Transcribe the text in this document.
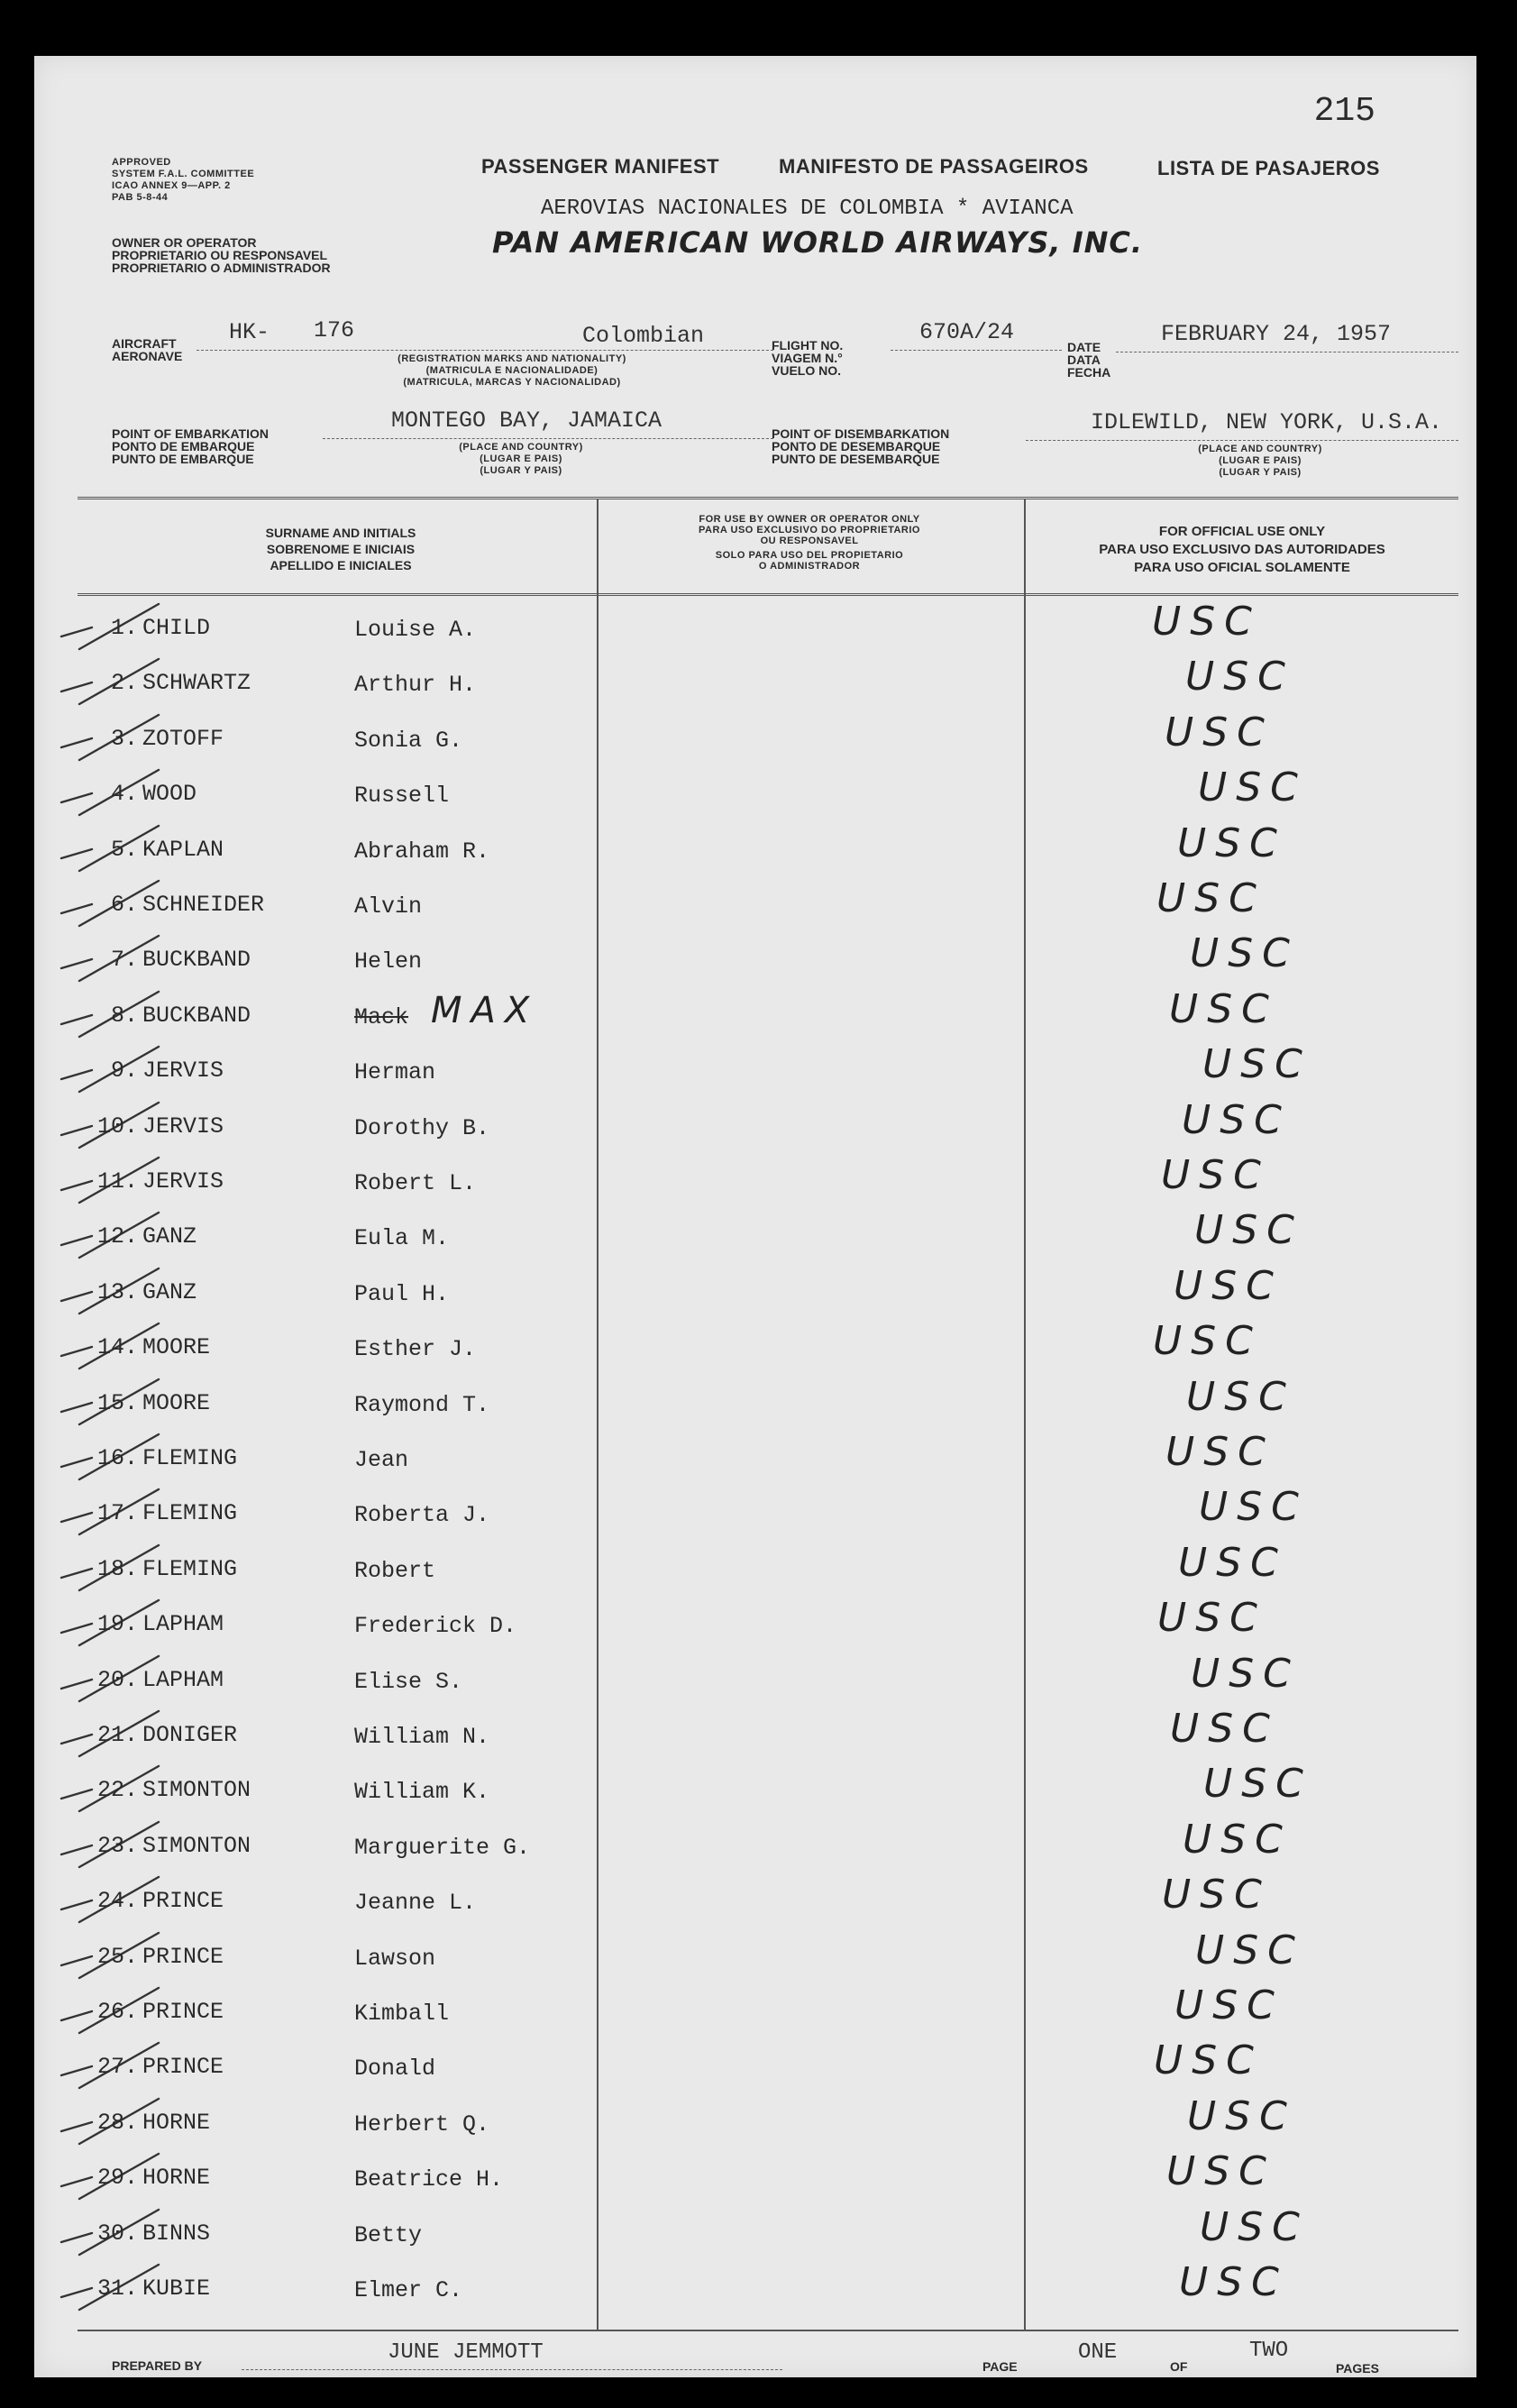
215
APPROVED
SYSTEM F.A.L. COMMITTEE
ICAO ANNEX 9—APP. 2
PAB 5-8-44
OWNER OR OPERATOR
PROPRIETARIO OU RESPONSAVEL
PROPRIETARIO O ADMINISTRADOR
PASSENGER MANIFEST	MANIFESTO DE PASSAGEIROS	LISTA DE PASAJEROS
AEROVIAS NACIONALES DE COLOMBIA * AVIANCA
PAN AMERICAN WORLD AIRWAYS, INC.
AIRCRAFT
AERONAVE
HK- 176	Colombian
(REGISTRATION MARKS AND NATIONALITY)
(MATRICULA E NACIONALIDADE)
(MATRICULA, MARCAS Y NACIONALIDAD)
FLIGHT NO.
VIAGEM N.°
VUELO NO.
670A/24
DATE
DATA
FECHA
FEBRUARY 24, 1957
POINT OF EMBARKATION
PONTO DE EMBARQUE
PUNTO DE EMBARQUE
MONTEGO BAY, JAMAICA
(PLACE AND COUNTRY)
(LUGAR E PAIS)
(LUGAR Y PAIS)
POINT OF DISEMBARKATION
PONTO DE DESEMBARQUE
PUNTO DE DESEMBARQUE
IDLEWILD, NEW YORK, U.S.A.
(PLACE AND COUNTRY)
(LUGAR E PAIS)
(LUGAR Y PAIS)
SURNAME AND INITIALS
SOBRENOME E INICIAIS
APELLIDO E INICIALES
FOR USE BY OWNER OR OPERATOR ONLY
PARA USO EXCLUSIVO DO PROPRIETARIO
OU RESPONSAVEL
SOLO PARA USO DEL PROPIETARIO
O ADMINISTRADOR
FOR OFFICIAL USE ONLY
PARA USO EXCLUSIVO DAS AUTORIDADES
PARA USO OFICIAL SOLAMENTE
1. CHILD	Louise A.	USC
2. SCHWARTZ	Arthur H.	USC
3. ZOTOFF	Sonia G.	USC
4. WOOD	Russell	USC
5. KAPLAN	Abraham R.	USC
6. SCHNEIDER	Alvin	USC
7. BUCKBAND	Helen	USC
8. BUCKBAND	Mack MAX	USC
9. JERVIS	Herman	USC
10. JERVIS	Dorothy B.	USC
11. JERVIS	Robert L.	USC
12. GANZ	Eula M.	USC
13. GANZ	Paul H.	USC
14. MOORE	Esther J.	USC
15. MOORE	Raymond T.	USC
16. FLEMING	Jean	USC
17. FLEMING	Roberta J.	USC
18. FLEMING	Robert	USC
19. LAPHAM	Frederick D.	USC
20. LAPHAM	Elise S.	USC
21. DONIGER	William N.	USC
22. SIMONTON	William K.	USC
23. SIMONTON	Marguerite G.	USC
24. PRINCE	Jeanne L.	USC
25. PRINCE	Lawson	USC
26. PRINCE	Kimball	USC
27. PRINCE	Donald	USC
28. HORNE	Herbert Q.	USC
29. HORNE	Beatrice H.	USC
30. BINNS	Betty	USC
31. KUBIE	Elmer C.	USC
PREPARED BY
JUNE JEMMOTT
PAGE
ONE
OF
TWO
PAGES
